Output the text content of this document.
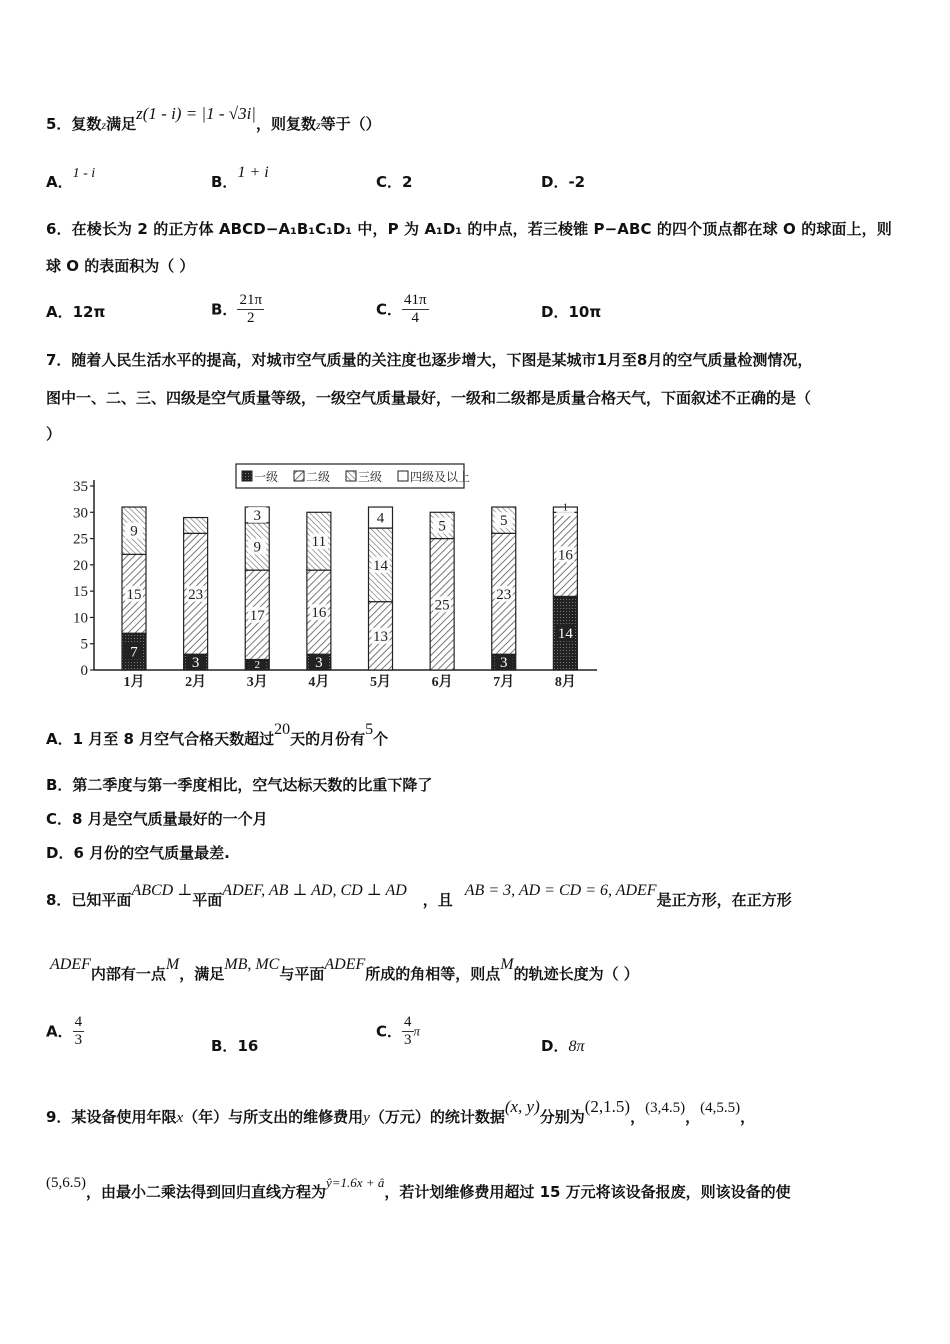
5．复数z满足z(1 - i) = |1 - √3i|，则复数z等于（）
A．1 - i	B．1 + i
C．2	D．-2
6．在棱长为 2 的正方体 ABCD−A₁B₁C₁D₁ 中，P 为 A₁D₁ 的中点，若三棱锥 P−ABC 的四个顶点都在球 O 的球面上，则
球 O 的表面积为（ ）
A．12π	B． $\frac{21\pi}{2}$	C． $\frac{41\pi}{4}$	D．10π
7．随着人民生活水平的提高，对城市空气质量的关注度也逐步增大，下图是某城市1月至8月的空气质量检测情况，
图中一、二、三、四级是空气质量等级，一级空气质量最好，一级和二级都是质量合格天气，下面叙述不正确的是（
）
0
5
10
15
20
25
30
35
1月	2月	3月	4月	5月	6月	7月	8月
7
15
9
3
23
2
17
9
3
3
16
11
13
14
4
25
5
3
23
5
14
16
1
一级 二级 三级 四级及以上
A．1 月至 8 月空气合格天数超过20天的月份有5个
B．第二季度与第一季度相比，空气达标天数的比重下降了
C．8 月是空气质量最好的一个月
D．6 月份的空气质量最差.
8．已知平面ABCD ⊥平面ADEF, AB ⊥ AD, CD ⊥ AD，且AB = 3, AD = CD = 6, ADEF是正方形，在正方形
ADEF内部有一点M，满足MB, MC与平面ADEF所成的角相等，则点M的轨迹长度为（ ）
A． $\frac{4}{3}$	B．16
C． $\frac{4}{3}$ π
D．8π
9．某设备使用年限x（年）与所支出的维修费用y（万元）的统计数据(x, y)分别为(2,1.5)，(3,4.5)，(4,5.5)，
(5,6.5)，由最小二乘法得到回归直线方程为ŷ=1.6x + â，若计划维修费用超过 15 万元将该设备报废，则该设备的使
